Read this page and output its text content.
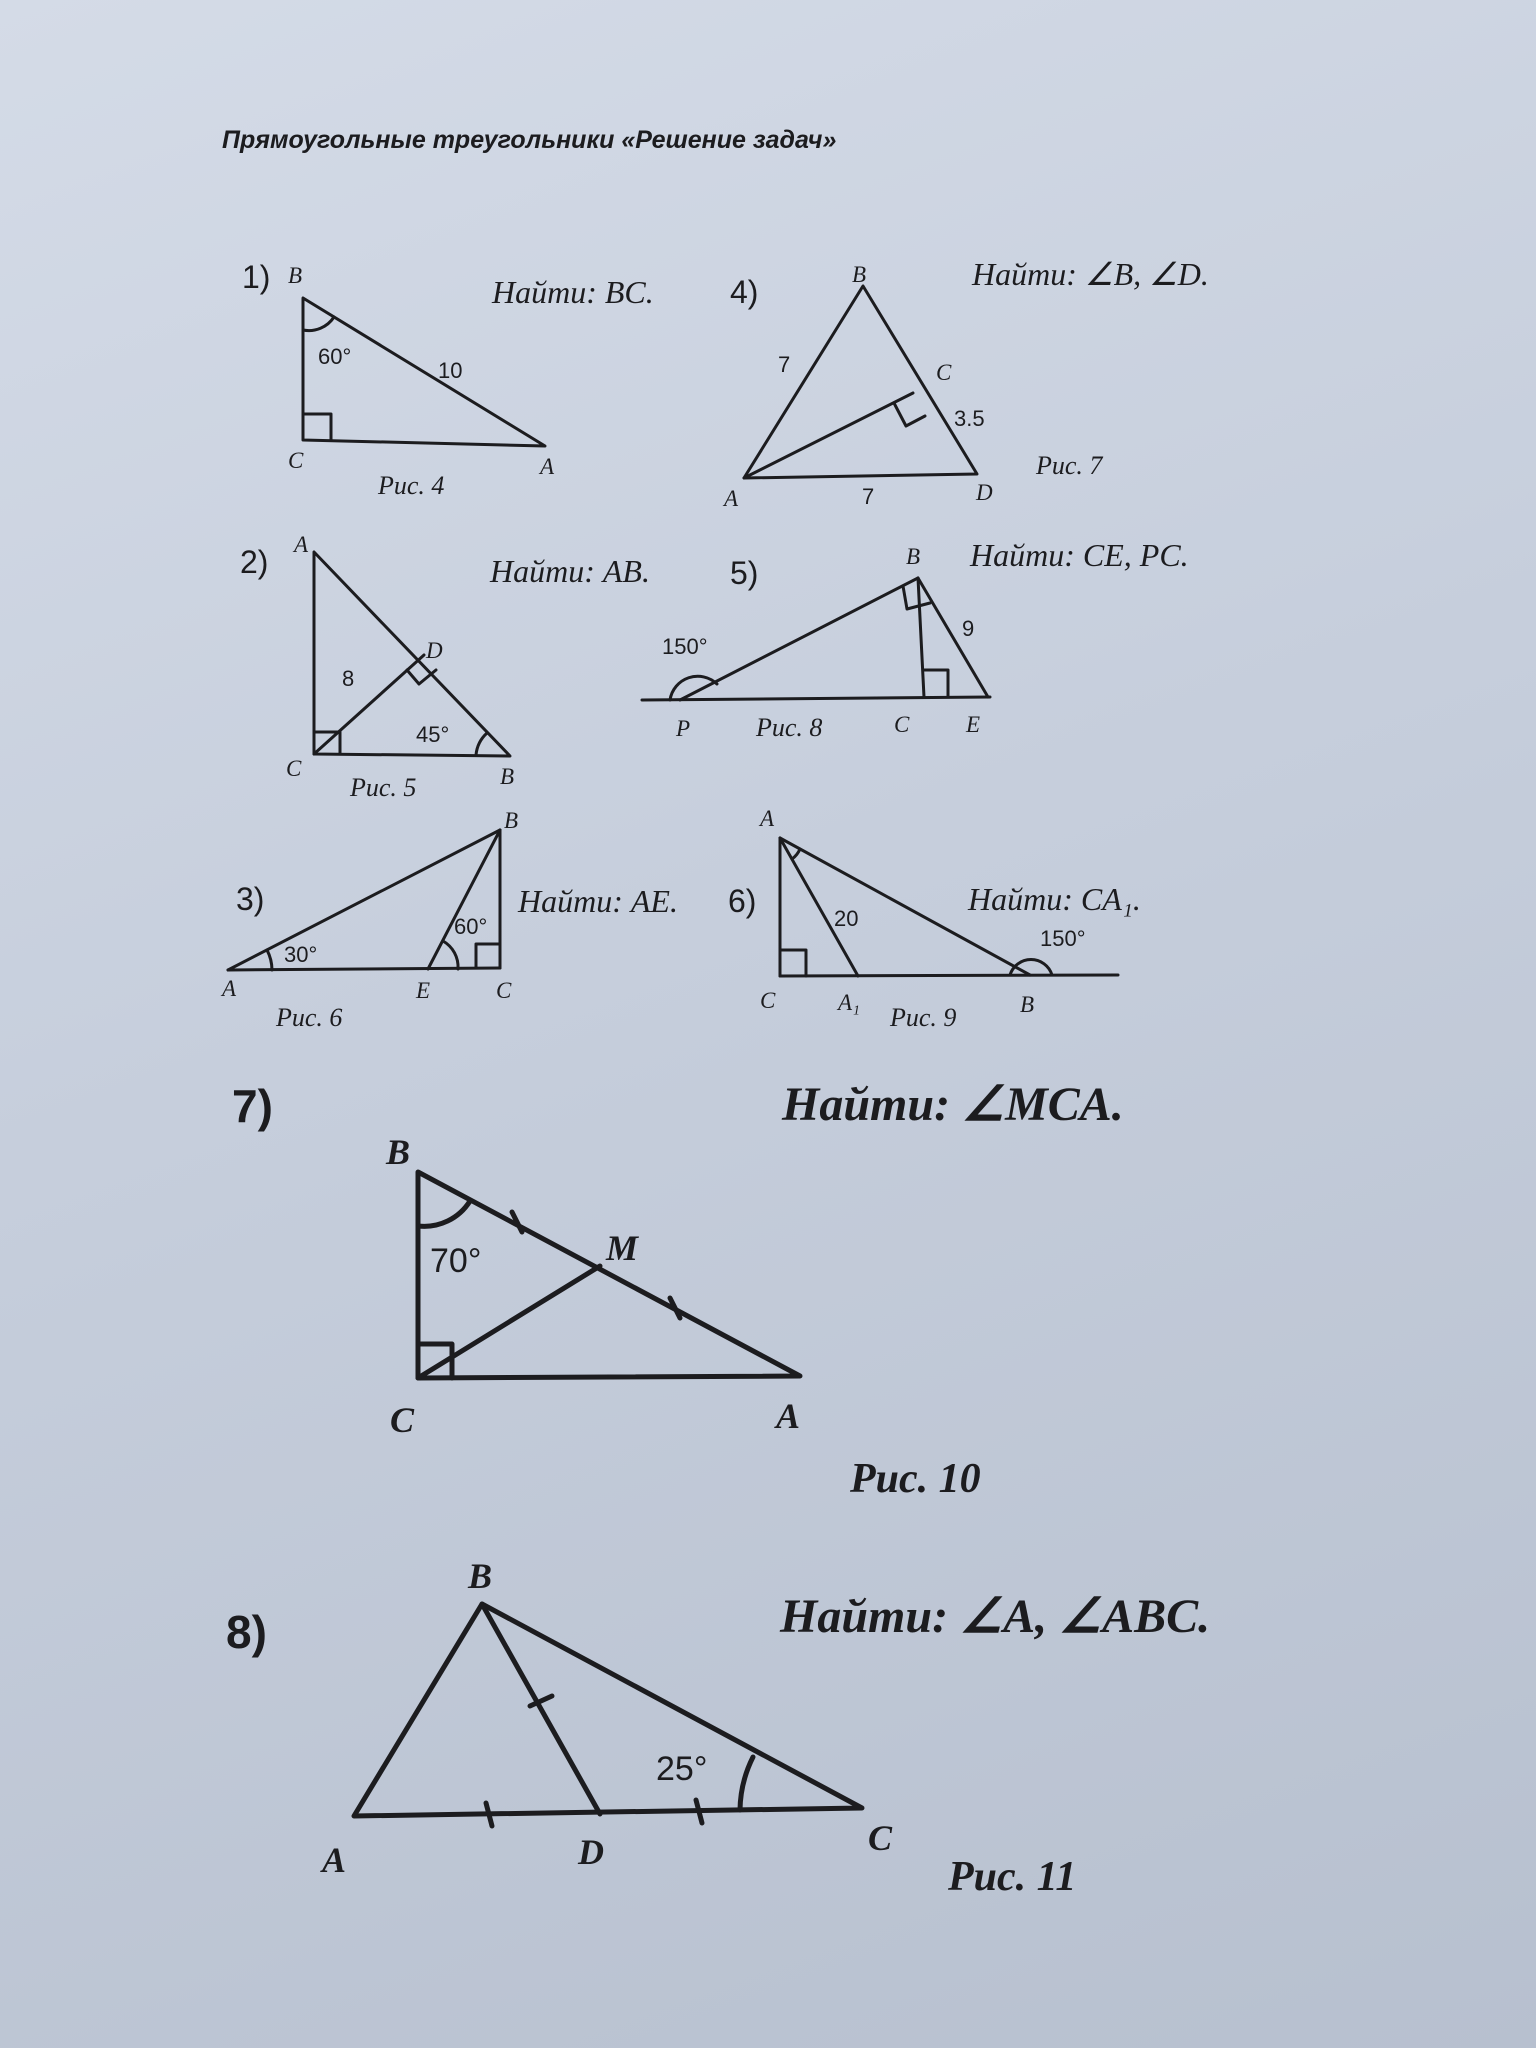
Прямоугольные треугольники «Решение задач»
1) B
C	A
60°
10
Рис. 4
Найти: BC. 4)	B
C
A	D
7
3.5
7
Рис. 7
Найти: ∠B, ∠D.
2) A
C
D
B
8
45°
Рис. 5
Найти: AB.	5)	B
P	C E
150°
9
Рис. 8
Найти: CE, PC.
3)
B
A	E	C
30°
60°
Рис. 6
Найти: AE. 6)
A
C	A₁	B
20
150°
Рис. 9
Найти: CA₁.
7)
B
M
C	A
70°
Рис. 10
Найти: ∠MCA.
8)
B
A	D	C
25°
Рис. 11
Найти: ∠A, ∠ABC.
